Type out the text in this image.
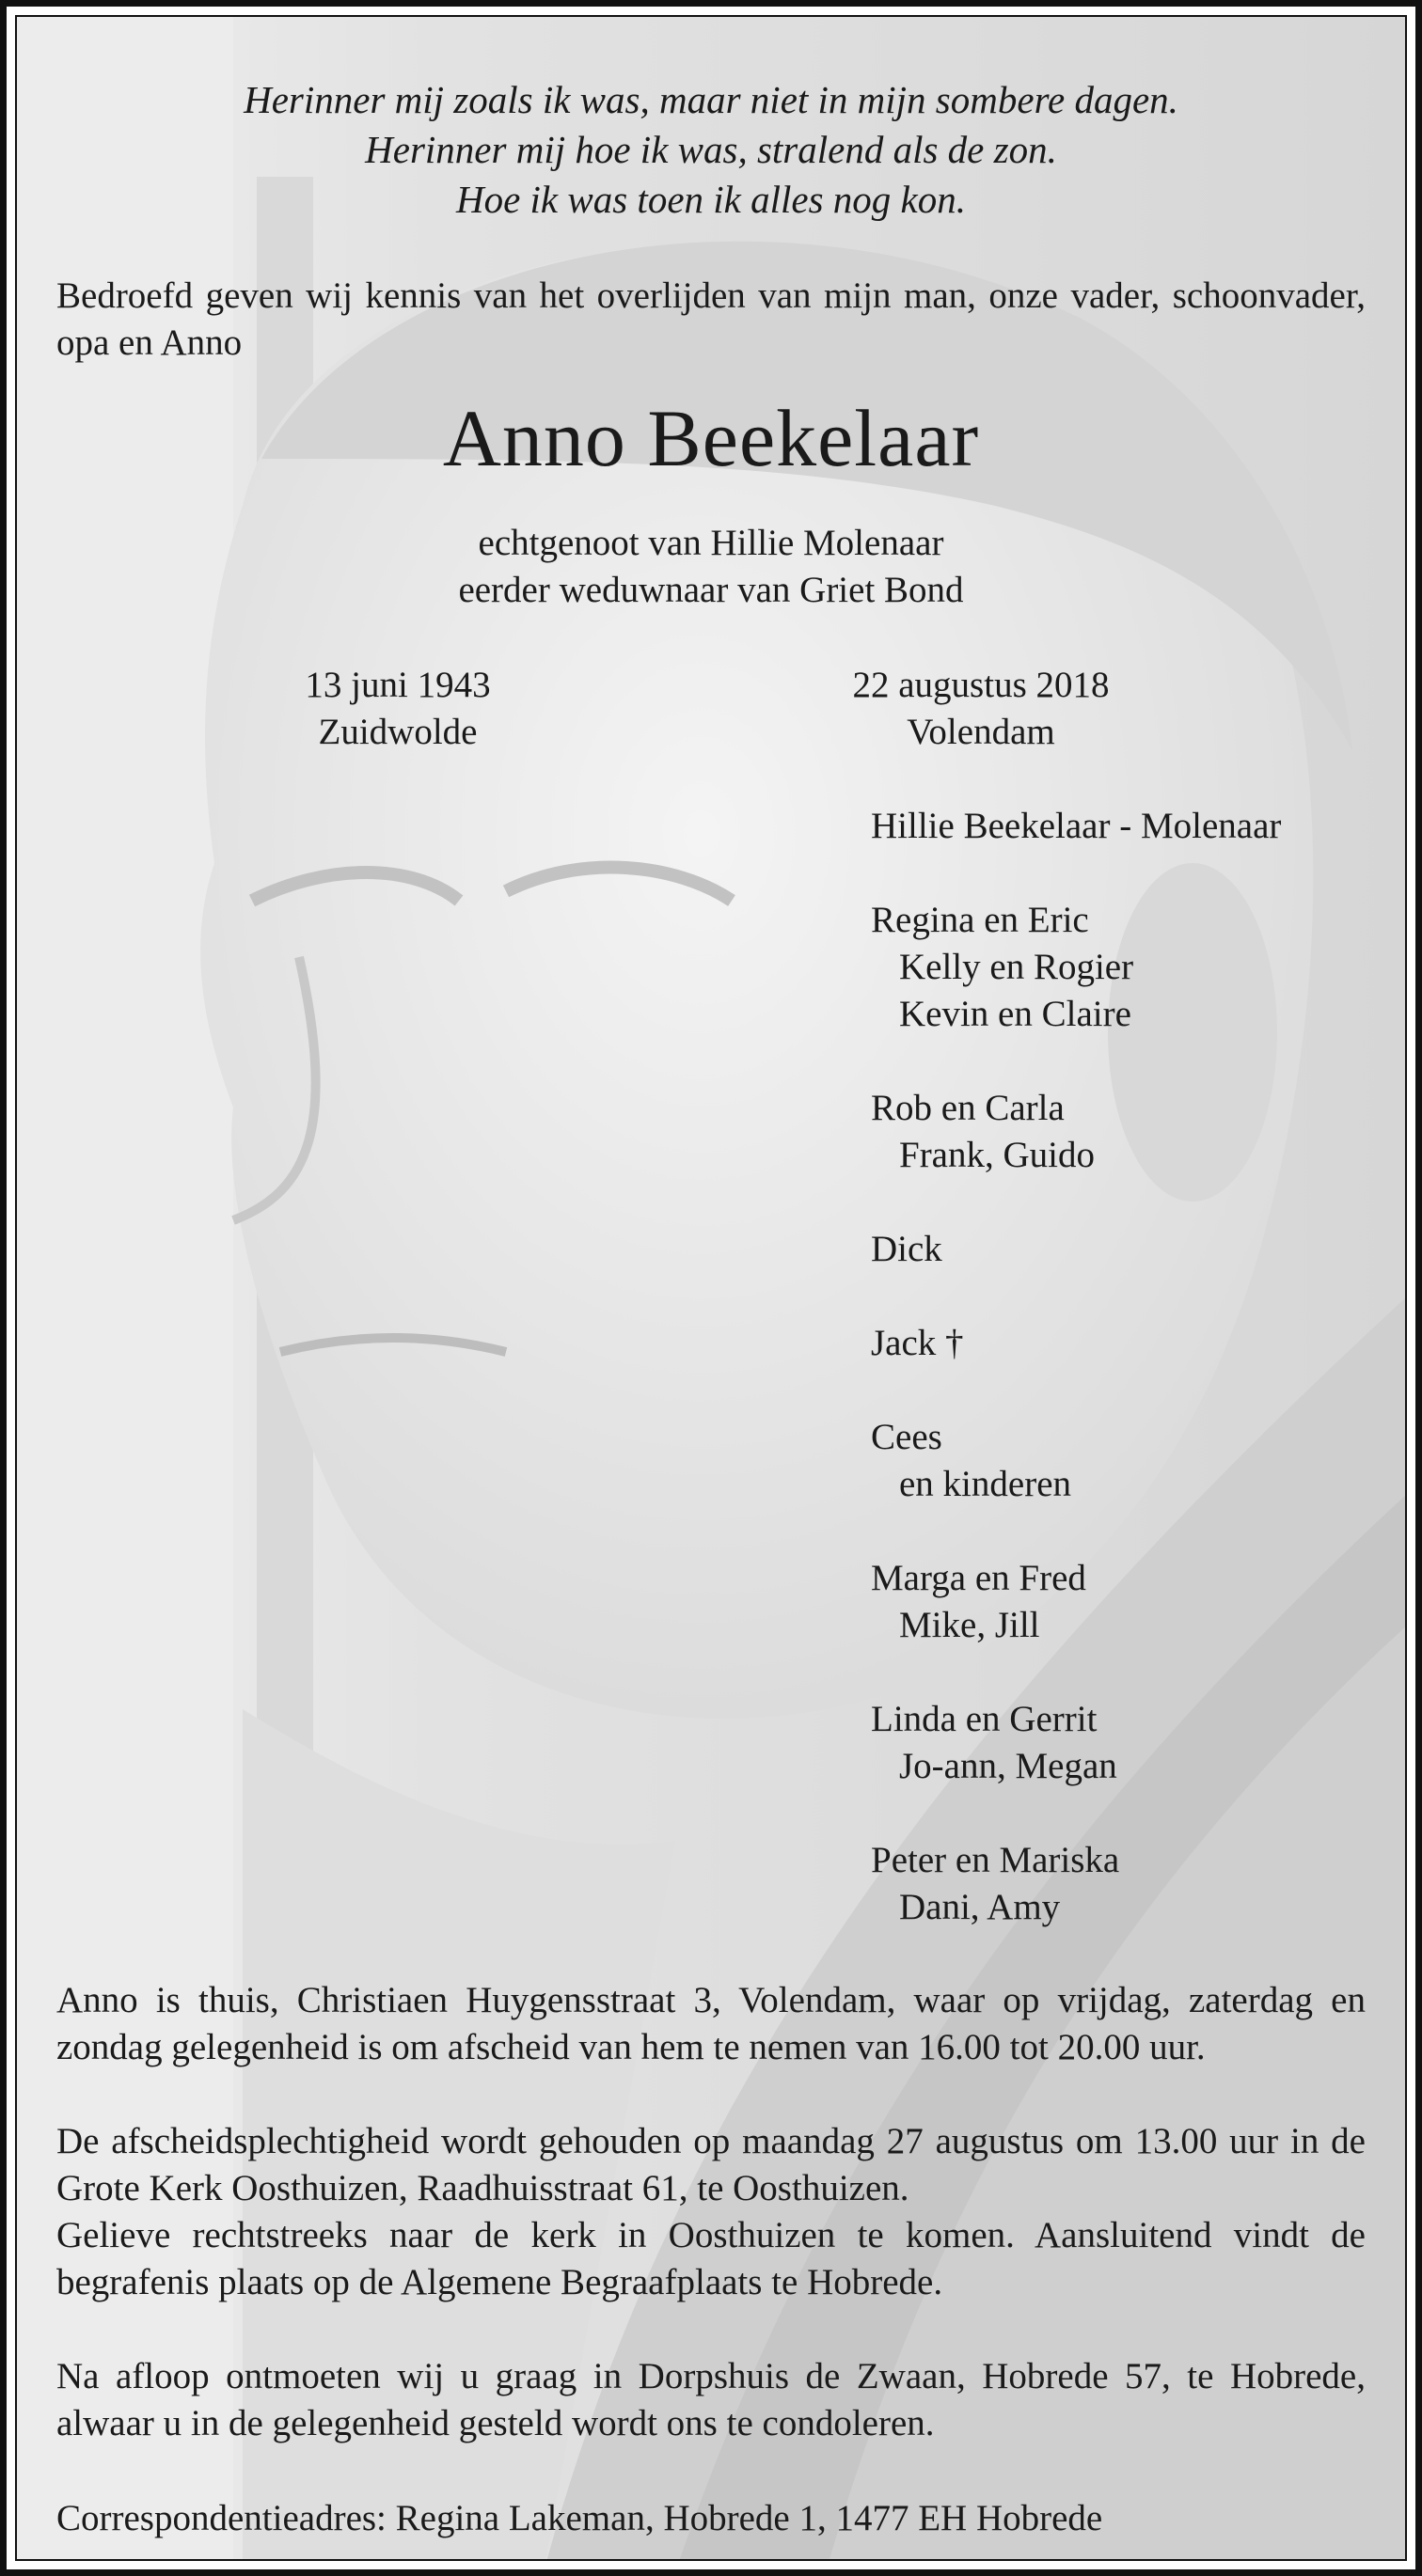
Herinner mij zoals ik was, maar niet in mijn sombere dagen.
Herinner mij hoe ik was, stralend als de zon.
Hoe ik was toen ik alles nog kon.
Bedroefd geven wij kennis van het overlijden van mijn man, onze vader, schoonvader, opa en Anno
Anno Beekelaar
echtgenoot van Hillie Molenaar
eerder weduwnaar van Griet Bond
13 juni 1943
Zuidwolde
22 augustus 2018
Volendam
Hillie Beekelaar - Molenaar
Regina en Eric
Kelly en Rogier
Kevin en Claire
Rob en Carla
Frank, Guido
Dick
Jack †
Cees
en kinderen
Marga en Fred
Mike, Jill
Linda en Gerrit
Jo-ann, Megan
Peter en Mariska
Dani, Amy
Anno is thuis, Christiaen Huygensstraat 3, Volendam, waar op vrijdag, zaterdag en zondag gelegenheid is om afscheid van hem te nemen van 16.00 tot 20.00 uur.
De afscheidsplechtigheid wordt gehouden op maandag 27 augustus om 13.00 uur in de Grote Kerk Oosthuizen, Raadhuisstraat 61, te Oosthuizen.
Gelieve rechtstreeks naar de kerk in Oosthuizen te komen. Aansluitend vindt de begrafenis plaats op de Algemene Begraafplaats te Hobrede.
Na afloop ontmoeten wij u graag in Dorpshuis de Zwaan, Hobrede 57, te Hobrede, alwaar u in de gelegenheid gesteld wordt ons te condoleren.
Correspondentieadres: Regina Lakeman, Hobrede 1, 1477 EH Hobrede
